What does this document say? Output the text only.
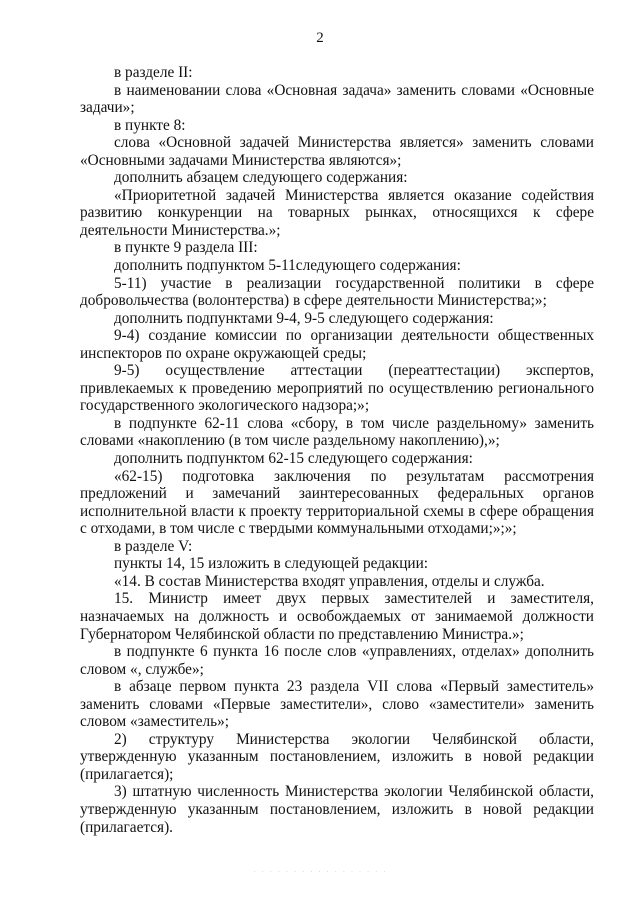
2

в разделе II:

в наименовании слова «Основная задача» заменить словами «Основные задачи»;

в пункте 8:

слова «Основной задачей Министерства является» заменить словами «Основными задачами Министерства являются»;

дополнить абзацем следующего содержания:

«Приоритетной задачей Министерства является оказание содействия развитию конкуренции на товарных рынках, относящихся к сфере деятельности Министерства.»;

в пункте 9 раздела III:

дополнить подпунктом 5-11следующего содержания:

5-11) участие в реализации государственной политики в сфере добровольчества (волонтерства) в сфере деятельности Министерства;»;

дополнить подпунктами 9-4, 9-5 следующего содержания:

9-4) создание комиссии по организации деятельности общественных инспекторов по охране окружающей среды;

9-5) осуществление аттестации (переаттестации) экспертов, привлекаемых к проведению мероприятий по осуществлению регионального государственного экологического надзора;»;

в подпункте 62-11 слова «сбору, в том числе раздельному» заменить словами «накоплению (в том числе раздельному накоплению),»;

дополнить подпунктом 62-15 следующего содержания:

«62-15) подготовка заключения по результатам рассмотрения предложений и замечаний заинтересованных федеральных органов исполнительной власти к проекту территориальной схемы в сфере обращения с отходами, в том числе с твердыми коммунальными отходами;»;»;

в разделе V:

пункты 14, 15 изложить в следующей редакции:

«14. В состав Министерства входят управления, отделы и служба.

15. Министр имеет двух первых заместителей и заместителя, назначаемых на должность и освобождаемых от занимаемой должности Губернатором Челябинской области по представлению Министра.»;

в подпункте 6 пункта 16 после слов «управлениях, отделах» дополнить словом «, службе»;

в абзаце первом пункта 23 раздела VII слова «Первый заместитель» заменить словами «Первые заместители», слово «заместители» заменить словом «заместитель»;

2) структуру Министерства экологии Челябинской области, утвержденную указанным постановлением, изложить в новой редакции (прилагается);

3) штатную численность Министерства экологии Челябинской области, утвержденную указанным постановлением, изложить в новой редакции (прилагается).

· · · · · · · · · · · · · · · · ·
